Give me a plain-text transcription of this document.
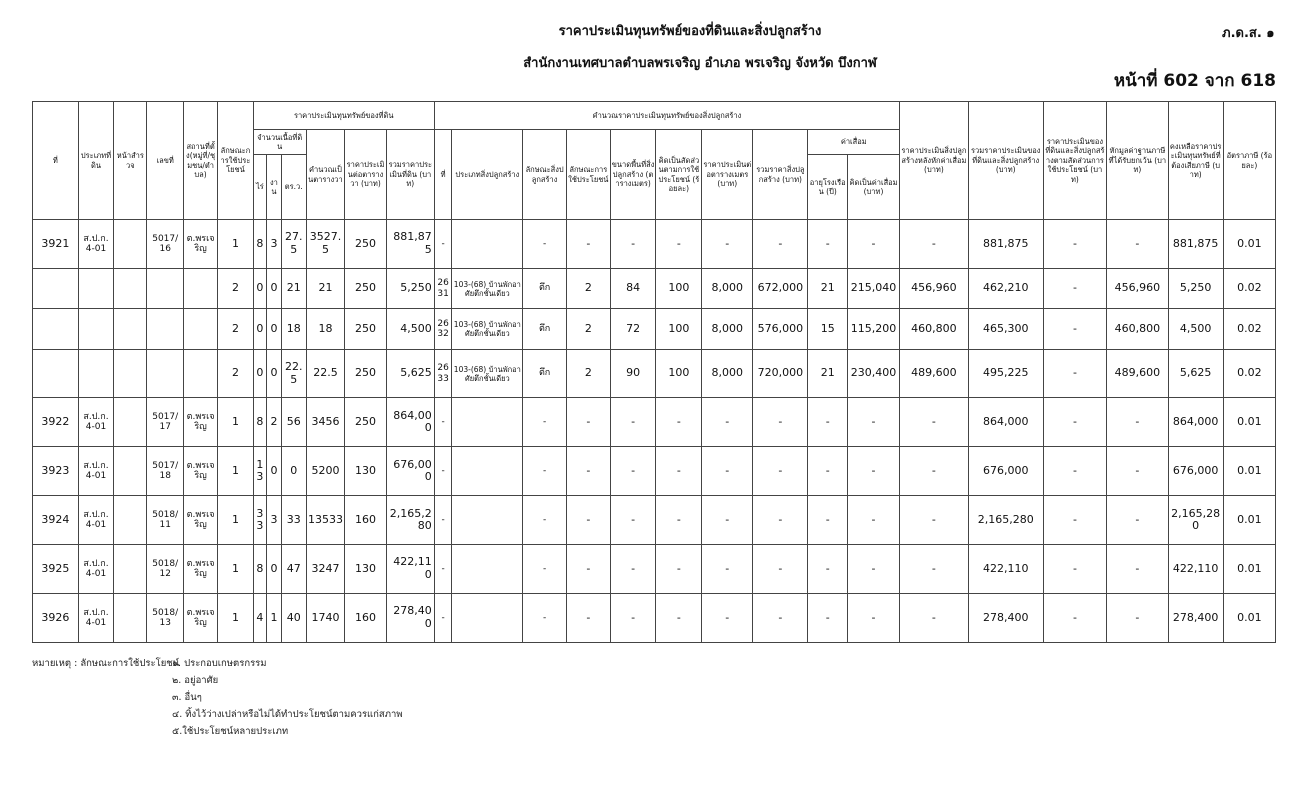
ราคาประเมินทุนทรัพย์ของที่ดินและสิ่งปลูกสร้าง	ภ.ด.ส. ๑
สำนักงานเทศบาลตำบลพรเจริญ อำเภอ พรเจริญ จังหวัด บึงกาฬ
หน้าที่ 602 จาก 618
ที่	ประเภทที่ดิน	หน้าสำรวจ	เลขที่	สถานที่ตั้ง(หมู่ที่/ชุมชน/ตำบล)	ลักษณะการใช้ประโยชน์	ราคาประเมินทุนทรัพย์ของที่ดิน						คำนวณราคาประเมินทุนทรัพย์ของสิ่งปลูกสร้าง										ราคาประเมินสิ่งปลูกสร้างหลังหักค่าเสื่อม (บาท)	รวมราคาประเมินของที่ดินและสิ่งปลูกสร้าง (บาท)	ราคาประเมินของที่ดินและสิ่งปลูกสร้างตามสัดส่วนการใช้ประโยชน์ (บาท)	หักมูลค่าฐานภาษีที่ได้รับยกเว้น (บาท)	คงเหลือราคาประเมินทุนทรัพย์ที่ต้องเสียภาษี (บาท)	อัตราภาษี (ร้อยละ)
						จำนวนเนื้อที่ดิน			คำนวณเป็นตารางวา	ราคาประเมินต่อตารางวา (บาท)	รวมราคาประเมินที่ดิน (บาท)	ที่	ประเภทสิ่งปลูกสร้าง	ลักษณะสิ่งปลูกสร้าง	ลักษณะการใช้ประโยชน์	ขนาดพื้นที่สิ่งปลูกสร้าง (ตารางเมตร)	คิดเป็นสัดส่วนตามการใช้ประโยชน์ (ร้อยละ)	ราคาประเมินต่อตารางเมตร (บาท)	รวมราคาสิ่งปลูกสร้าง (บาท)	ค่าเสื่อม							
						ไร่	งาน	ตร.ว.												อายุโรงเรือน (ปี)	คิดเป็นค่าเสื่อม (บาท)						
3921	ส.ป.ก. 4-01		5017/ 16	ต.พรเจริญ	1	8	3	27.5	3527.5	250	881,875	-		-	-	-	-	-	-	-	-	-	881,875	-	-	881,875	0.01
					2	0	0	21	21	250	5,250	2631	103-(68) บ้านพักอาศัยตึกชั้นเดียว	ตึก	2	84	100	8,000	672,000	21	215,040	456,960	462,210	-	456,960	5,250	0.02
					2	0	0	18	18	250	4,500	2632	103-(68) บ้านพักอาศัยตึกชั้นเดียว	ตึก	2	72	100	8,000	576,000	15	115,200	460,800	465,300	-	460,800	4,500	0.02
					2	0	0	22.5	22.5	250	5,625	2633	103-(68) บ้านพักอาศัยตึกชั้นเดียว	ตึก	2	90	100	8,000	720,000	21	230,400	489,600	495,225	-	489,600	5,625	0.02
3922	ส.ป.ก. 4-01		5017/ 17	ต.พรเจริญ	1	8	2	56	3456	250	864,000	-		-	-	-	-	-	-	-	-	-	864,000	-	-	864,000	0.01
3923	ส.ป.ก. 4-01		5017/ 18	ต.พรเจริญ	1	13	0	0	5200	130	676,000	-		-	-	-	-	-	-	-	-	-	676,000	-	-	676,000	0.01
3924	ส.ป.ก. 4-01		5018/ 11	ต.พรเจริญ	1	33	3	33	13533	160	2,165,280	-		-	-	-	-	-	-	-	-	-	2,165,280	-	-	2,165,280	0.01
3925	ส.ป.ก. 4-01		5018/ 12	ต.พรเจริญ	1	8	0	47	3247	130	422,110	-		-	-	-	-	-	-	-	-	-	422,110	-	-	422,110	0.01
3926	ส.ป.ก. 4-01		5018/ 13	ต.พรเจริญ	1	4	1	40	1740	160	278,400	-		-	-	-	-	-	-	-	-	-	278,400	-	-	278,400	0.01
หมายเหตุ : ลักษณะการใช้ประโยชน์๑. ประกอบเกษตรกรรม
๒. อยู่อาศัย
๓. อื่นๆ
๔. ทิ้งไว้ว่างเปล่าหรือไม่ได้ทำประโยชน์ตามควรแก่สภาพ
๕.ใช้ประโยชน์หลายประเภท
